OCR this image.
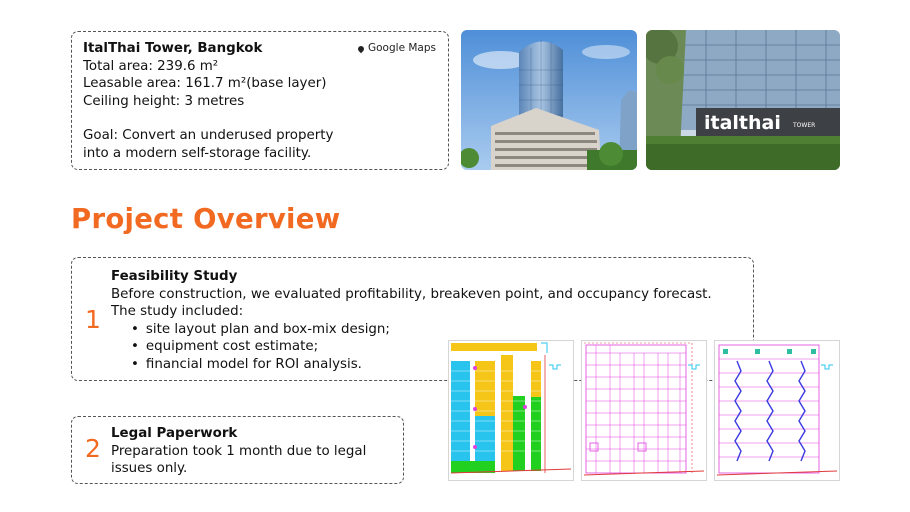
ItalThai Tower, Bangkok
Total area: 239.6 m²
Leasable area: 161.7 m²(base layer)
Ceiling height: 3 metres
Goal: Convert an underused property
into a modern self-storage facility.
Google Maps
italthai TOWER
Project Overview
1
Feasibility Study
Before construction, we evaluated profitability, breakeven point, and occupancy forecast.
The study included:
• site layout plan and box-mix design;
• equipment cost estimate;
• financial model for ROI analysis.
2
Legal Paperwork
Preparation took 1 month due to legal
issues only.
